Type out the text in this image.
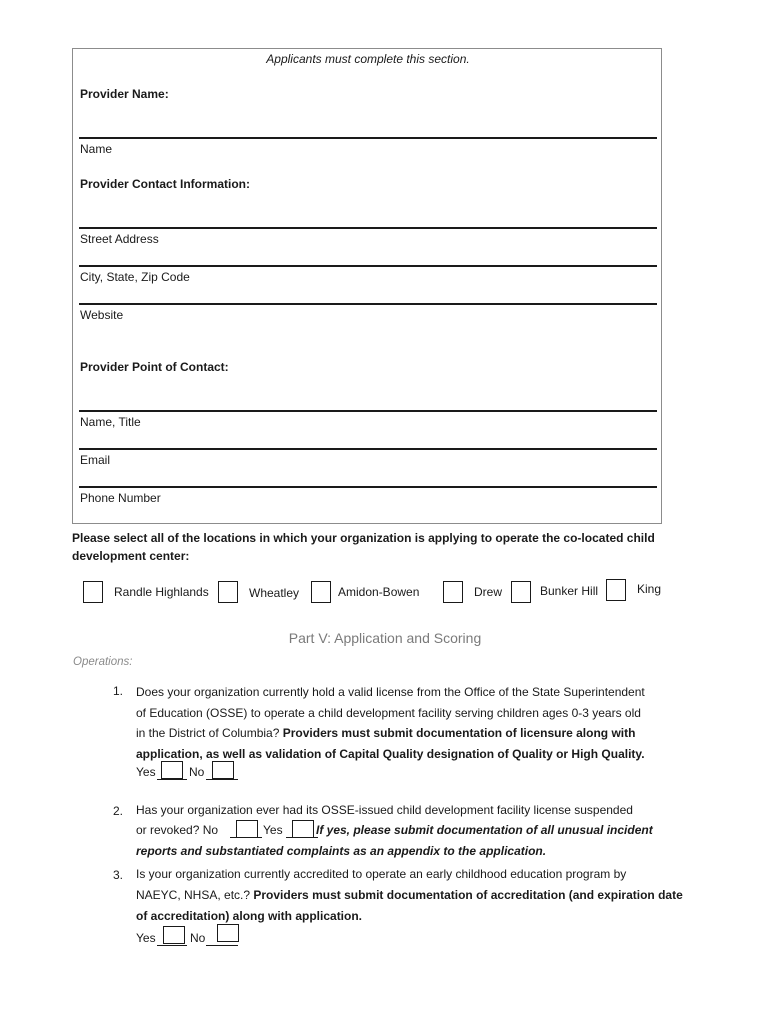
Applicants must complete this section.
Provider Name:
Name
Provider Contact Information:
Street Address
City, State, Zip Code
Website
Provider Point of Contact:
Name, Title
Email
Phone Number
Please select all of the locations in which your organization is applying to operate the co-located child
development center:
Randle Highlands	Wheatley	Amidon-Bowen	Drew	Bunker Hill	King
Part V: Application and Scoring
Operations:
1. Does your organization currently hold a valid license from the Office of the State Superintendent
of Education (OSSE) to operate a child development facility serving children ages 0-3 years old
in the District of Columbia? Providers must submit documentation of licensure along with
application, as well as validation of Capital Quality designation of Quality or High Quality.
Yes	No
2. Has your organization ever had its OSSE-issued child development facility license suspended
or revoked? No	Yes	If yes, please submit documentation of all unusual incident
reports and substantiated complaints as an appendix to the application.
3. Is your organization currently accredited to operate an early childhood education program by
NAEYC, NHSA, etc.? Providers must submit documentation of accreditation (and expiration date
of accreditation) along with application.
Yes	No
